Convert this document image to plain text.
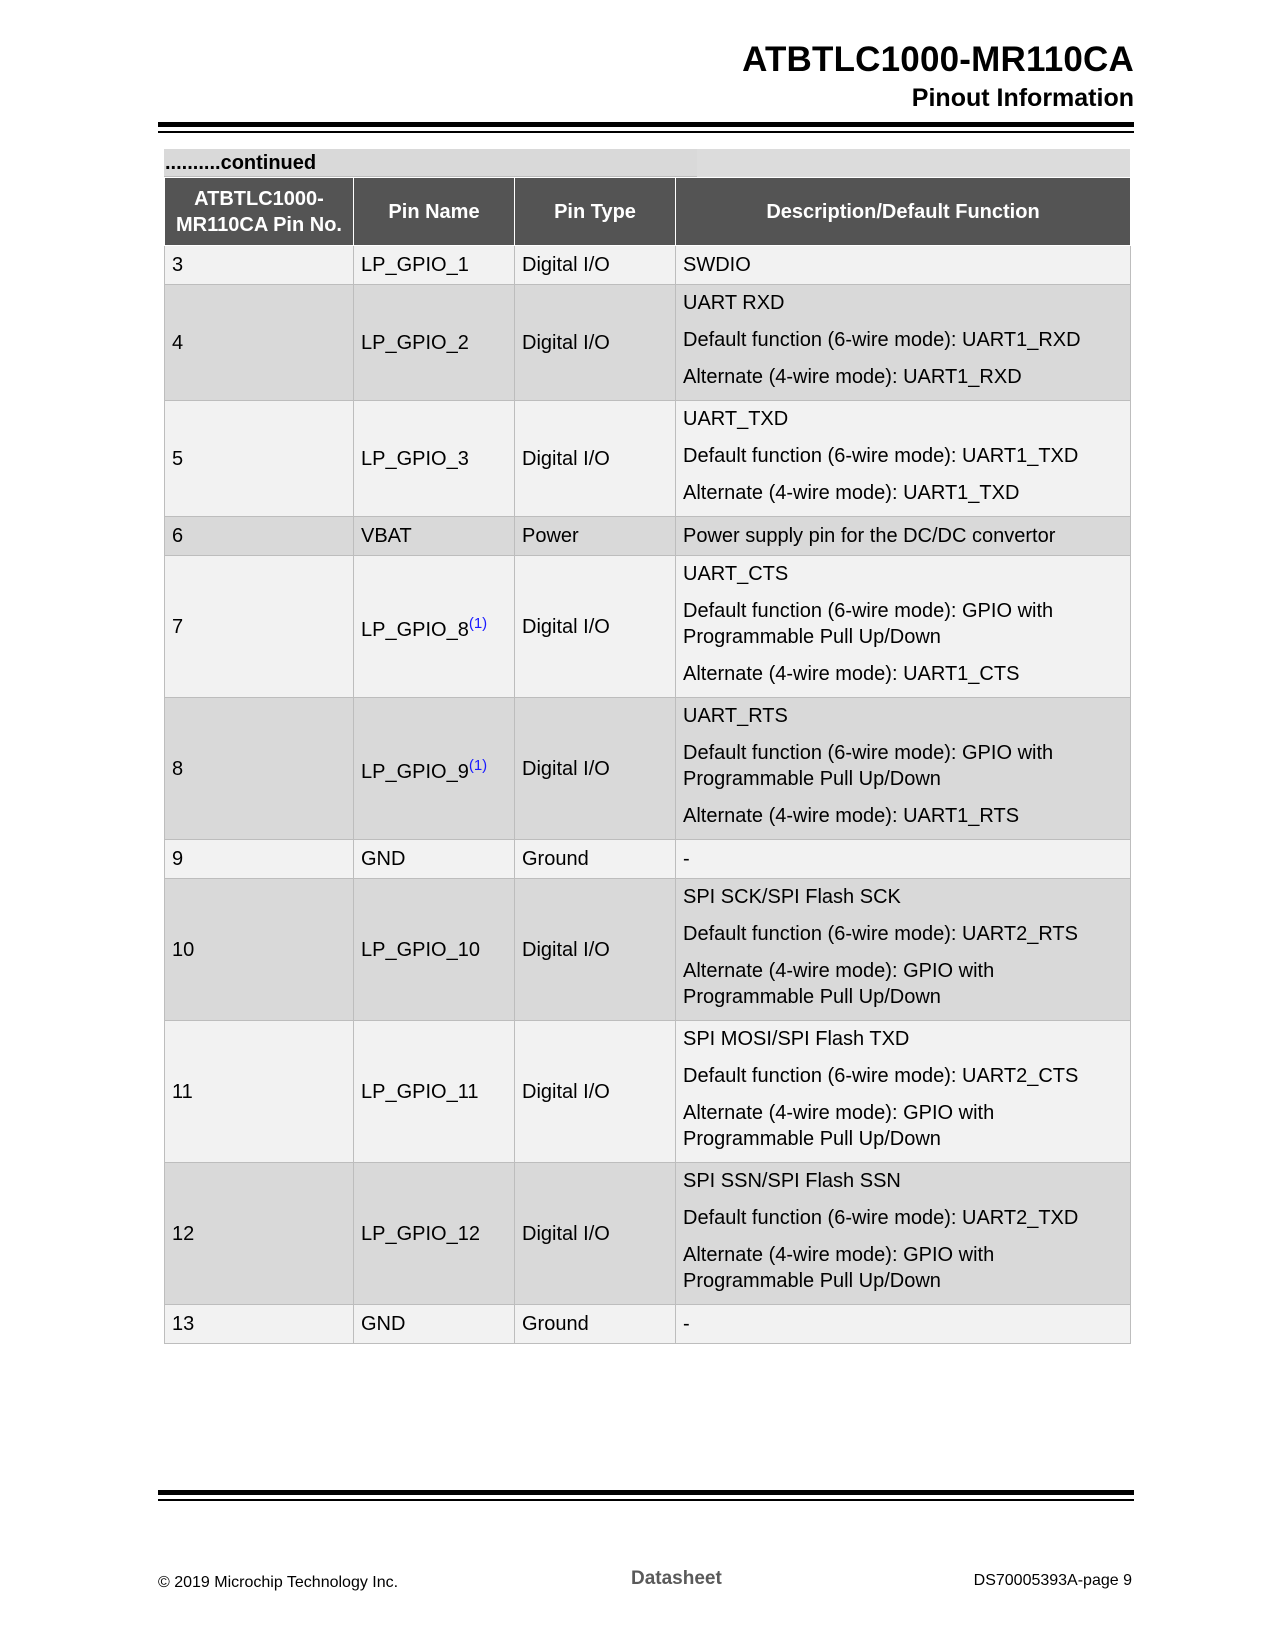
ATBTLC1000-MR110CA
Pinout Information
..........continued
ATBTLC1000-MR110CA Pin No.	Pin Name	Pin Type	Description/Default Function
3	LP_GPIO_1	Digital I/O	SWDIO
4	LP_GPIO_2	Digital I/O	UART RXD
Default function (6-wire mode): UART1_RXD
Alternate (4-wire mode): UART1_RXD

5	LP_GPIO_3	Digital I/O	UART_TXD
Default function (6-wire mode): UART1_TXD
Alternate (4-wire mode): UART1_TXD

6	VBAT	Power	Power supply pin for the DC/DC convertor
7	LP_GPIO_8$^{(1)}$	Digital I/O	UART_CTS
Default function (6-wire mode): GPIO with Programmable Pull Up/Down
Alternate (4-wire mode): UART1_CTS

8	LP_GPIO_9$^{(1)}$	Digital I/O	UART_RTS
Default function (6-wire mode): GPIO with Programmable Pull Up/Down
Alternate (4-wire mode): UART1_RTS

9	GND	Ground	-
10	LP_GPIO_10	Digital I/O	SPI SCK/SPI Flash SCK
Default function (6-wire mode): UART2_RTS
Alternate (4-wire mode): GPIO with Programmable Pull Up/Down

11	LP_GPIO_11	Digital I/O	SPI MOSI/SPI Flash TXD
Default function (6-wire mode): UART2_CTS
Alternate (4-wire mode): GPIO with Programmable Pull Up/Down

12	LP_GPIO_12	Digital I/O	SPI SSN/SPI Flash SSN
Default function (6-wire mode): UART2_TXD
Alternate (4-wire mode): GPIO with Programmable Pull Up/Down

13	GND	Ground	-
© 2019 Microchip Technology Inc.	Datasheet	DS70005393A-page 9
